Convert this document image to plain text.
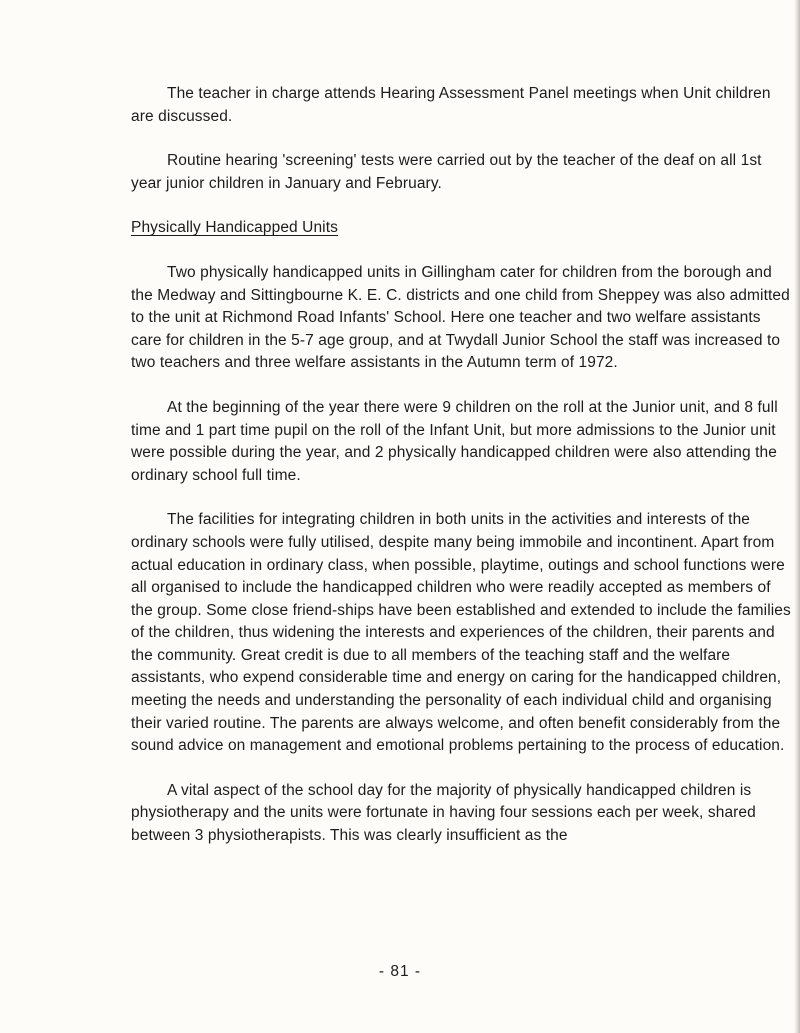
The teacher in charge attends Hearing Assessment Panel meetings when Unit children are discussed.

Routine hearing 'screening' tests were carried out by the teacher of the deaf on all 1st year junior children in January and February.

Physically Handicapped Units

Two physically handicapped units in Gillingham cater for children from the borough and the Medway and Sittingbourne K. E. C. districts and one child from Sheppey was also admitted to the unit at Richmond Road Infants' School. Here one teacher and two welfare assistants care for children in the 5-7 age group, and at Twydall Junior School the staff was increased to two teachers and three welfare assistants in the Autumn term of 1972.

At the beginning of the year there were 9 children on the roll at the Junior unit, and 8 full time and 1 part time pupil on the roll of the Infant Unit, but more admissions to the Junior unit were possible during the year, and 2 physically handicapped children were also attending the ordinary school full time.

The facilities for integrating children in both units in the activities and interests of the ordinary schools were fully utilised, despite many being immobile and incontinent. Apart from actual education in ordinary class, when possible, playtime, outings and school functions were all organised to include the handicapped children who were readily accepted as members of the group. Some close friend-ships have been established and extended to include the families of the children, thus widening the interests and experiences of the children, their parents and the community. Great credit is due to all members of the teaching staff and the welfare assistants, who expend considerable time and energy on caring for the handicapped children, meeting the needs and understanding the personality of each individual child and organising their varied routine. The parents are always welcome, and often benefit considerably from the sound advice on management and emotional problems pertaining to the process of education.

A vital aspect of the school day for the majority of physically handicapped children is physiotherapy and the units were fortunate in having four sessions each per week, shared between 3 physiotherapists. This was clearly insufficient as the

- 81 -
